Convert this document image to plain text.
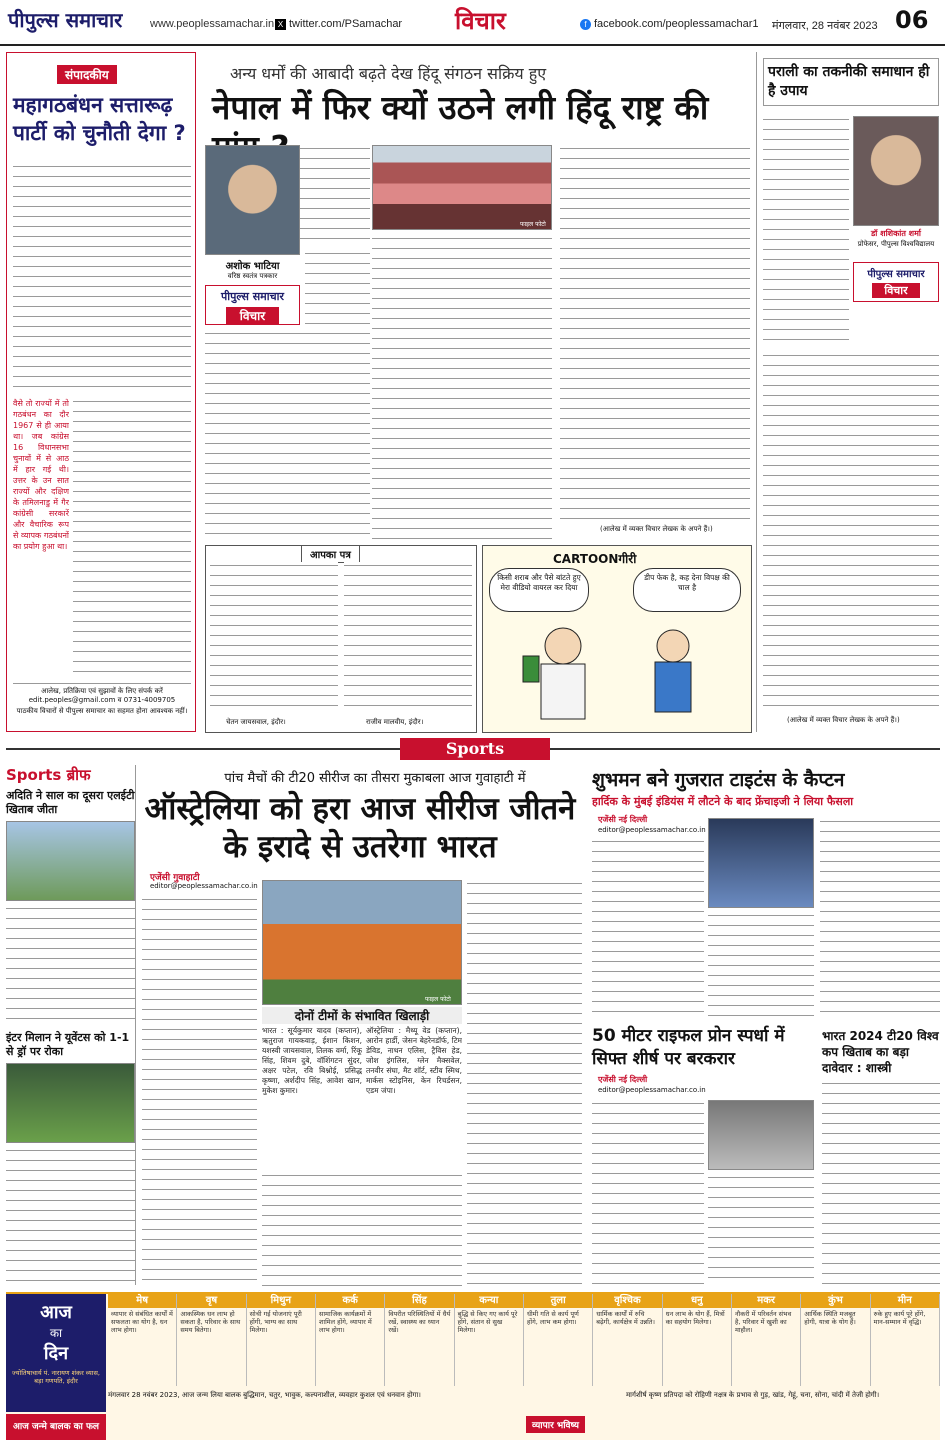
पीपुल्स समाचार	www.peoplessamachar.in X twitter.com/PSamachar विचार	f facebook.com/peoplessamachar1 मंगलवार, 28 नवंबर 2023 06
संपादकीय
महागठबंधन सत्तारूढ़ पार्टी को चुनौती देगा ?
वैसे तो राज्यों में तो गठबंधन का दौर 1967 से ही आया था। जब कांग्रेस 16 विधानसभा चुनावों में से आठ में हार गई थी। उत्तर के उन सात राज्यों और दक्षिण के तमिलनाडु में गैर कांग्रेसी सरकारें और वैचारिक रूप से व्यापक गठबंधनों का प्रयोग हुआ था।
आलेख, प्रतिक्रिया एवं सुझावों के लिए संपर्क करें edit.peoples@gmail.com व 0731-4009705
पाठकीय विचारों से पीपुल्स समाचार का सहमत होना आवश्यक नहीं।
अन्य धर्मों की आबादी बढ़ते देख हिंदू संगठन सक्रिय हुए
नेपाल में फिर क्यों उठने लगी हिंदू राष्ट्र की
अशोक भाटिया
वरिष्ठ स्वतंत्र पत्रकार
पीपुल्स समाचार
विचार
फाइल फोटो
(आलेख में व्यक्त विचार लेखक के अपने हैं।)
आपका पत्र
चेतन जायसवाल, इंदौर।	राजीव मालवीय, इंदौर।
CARTOONगीरी
किसी शराब और पैसे बांटते हुए मेरा वीडियो वायरल कर दिया
डीप फेक है, कह देना विपक्ष की चाल है
पराली का तकनीकी समाधान ही है उपाय
डॉ शशिकांत शर्मा
प्रोफेसर, पीपुल्स विश्वविद्यालय
पीपुल्स समाचार
विचार
(आलेख में व्यक्त विचार लेखक के अपने हैं।)
Sports
Sports ब्रीफ
अदिति ने साल का दूसरा एलईटी खिताब जीता
इंटर मिलान ने यूवेंटस को 1-1 से ड्रॉ पर रोका
पांच मैचों की टी20 सीरीज का तीसरा मुकाबला आज गुवाहाटी में
ऑस्ट्रेलिया को हरा आज सीरीज जीतने के इरादे से उतरेगा भारत
एजेंसी गुवाहाटी
editor@peoplessamachar.co.in
फाइल फोटो
दोनों टीमों के संभावित खिलाड़ी
भारत : सूर्यकुमार यादव (कप्तान), ऋतुराज गायकवाड़, ईशान किशन, यशस्वी जायसवाल, तिलक वर्मा, रिंकू सिंह, शिवम दुबे, वॉशिंगटन सुंदर, अक्षर पटेल, रवि बिश्नोई, प्रसिद्ध कृष्णा, अर्शदीप सिंह, आवेश खान, मुकेश कुमार।
ऑस्ट्रेलिया : मैथ्यू वेड (कप्तान), आरोन हार्डी, जेसन बेहरेनडॉर्फ, टिम डेविड, नाथन एलिस, ट्रैविस हेड, जोश इंगलिस, ग्लेन मैक्सवेल, तनवीर संघा, मैट शॉर्ट, स्टीव स्मिथ, मार्कस स्टोइनिस, केन रिचर्डसन, एडम जंपा।
शुभमन बने गुजरात टाइटंस के कैप्टन
हार्दिक के मुंबई इंडियंस में लौटने के बाद फ्रेंचाइजी ने लिया फैसला
एजेंसी नई दिल्ली
editor@peoplessamachar.co.in
50 मीटर राइफल प्रोन स्पर्धा में सिफ्त शीर्ष पर बरकरार
एजेंसी नई दिल्ली
editor@peoplessamachar.co.in
भारत 2024 टी20 विश्व कप खिताब का बड़ा दावेदार : शास्त्री
आज
का
दिन
ज्योतिषाचार्य पं. नारायण शंकर व्यास, बड़ा गणपति, इंदौर
मेष
व्यापार से संबंधित कार्यों में सफलता का योग है, धन लाभ होगा।
वृष
आकस्मिक धन लाभ हो सकता है, परिवार के साथ समय बितेगा।
मिथुन
सोची गई योजनाएं पूरी होंगी, भाग्य का साथ मिलेगा।
कर्क
सामाजिक कार्यक्रमों में शामिल होंगे, व्यापार में लाभ होगा।
सिंह
विपरीत परिस्थितियों में धैर्य रखें, स्वास्थ्य का ध्यान रखें।
कन्या
बुद्धि से किए गए कार्य पूरे होंगे, संतान से सुख मिलेगा।
तुला
धीमी गति से कार्य पूर्ण होंगे, लाभ कम होगा।
वृश्चिक
धार्मिक कार्यों में रुचि बढ़ेगी, कार्यक्षेत्र में उन्नति।
धनु
धन लाभ के योग हैं, मित्रों का सहयोग मिलेगा।
मकर
नौकरी में परिवर्तन संभव है, परिवार में खुशी का माहौल।
कुंभ
आर्थिक स्थिति मजबूत होगी, यात्रा के योग हैं।
मीन
रुके हुए कार्य पूरे होंगे, मान-सम्मान में वृद्धि।
आज जन्मे बालक का फल
मंगलवार 28 नवंबर 2023, आज जन्म लिया बालक बुद्धिमान, चतुर, भावुक, कल्पनाशील, व्यवहार कुशल एवं धनवान होगा।
व्यापार भविष्य
मार्गशीर्ष कृष्ण प्रतिपदा को रोहिणी नक्षत्र के प्रभाव से गुड़, खांड, गेहूं, चना, सोना, चांदी में तेजी होगी।
